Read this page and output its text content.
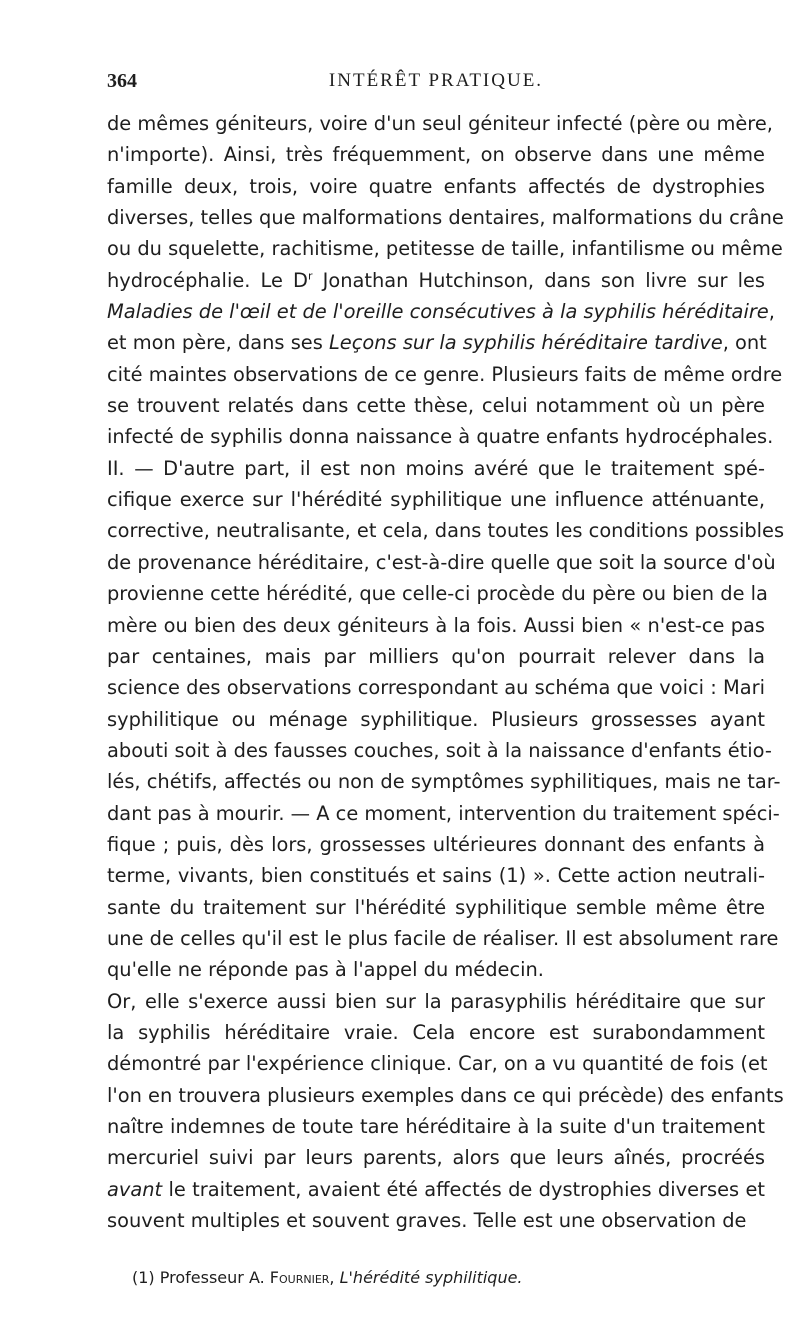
364	INTÉRÊT PRATIQUE.
de mêmes géniteurs, voire d'un seul géniteur infecté (père ou mère,
n'importe). Ainsi, très fréquemment, on observe dans une même
famille deux, trois, voire quatre enfants affectés de dystrophies
diverses, telles que malformations dentaires, malformations du crâne
ou du squelette, rachitisme, petitesse de taille, infantilisme ou même
hydrocéphalie. Le $D^r$ Jonathan Hutchinson, dans son livre sur les
Maladies de l'œil et de l'oreille consécutives à la syphilis héréditaire,
et mon père, dans ses Leçons sur la syphilis héréditaire tardive, ont
cité maintes observations de ce genre. Plusieurs faits de même ordre
se trouvent relatés dans cette thèse, celui notamment où un père
infecté de syphilis donna naissance à quatre enfants hydrocéphales.
II. — D'autre part, il est non moins avéré que le traitement spé-
cifique exerce sur l'hérédité syphilitique une influence atténuante,
corrective, neutralisante, et cela, dans toutes les conditions possibles
de provenance héréditaire, c'est-à-dire quelle que soit la source d'où
provienne cette hérédité, que celle-ci procède du père ou bien de la
mère ou bien des deux géniteurs à la fois. Aussi bien « n'est-ce pas
par centaines, mais par milliers qu'on pourrait relever dans la
science des observations correspondant au schéma que voici : Mari
syphilitique ou ménage syphilitique. Plusieurs grossesses ayant
abouti soit à des fausses couches, soit à la naissance d'enfants étio-
lés, chétifs, affectés ou non de symptômes syphilitiques, mais ne tar-
dant pas à mourir. — A ce moment, intervention du traitement spéci-
fique ; puis, dès lors, grossesses ultérieures donnant des enfants à
terme, vivants, bien constitués et sains (1) ». Cette action neutrali-
sante du traitement sur l'hérédité syphilitique semble même être
une de celles qu'il est le plus facile de réaliser. Il est absolument rare
qu'elle ne réponde pas à l'appel du médecin.
Or, elle s'exerce aussi bien sur la parasyphilis héréditaire que sur
la syphilis héréditaire vraie. Cela encore est surabondamment
démontré par l'expérience clinique. Car, on a vu quantité de fois (et
l'on en trouvera plusieurs exemples dans ce qui précède) des enfants
naître indemnes de toute tare héréditaire à la suite d'un traitement
mercuriel suivi par leurs parents, alors que leurs aînés, procréés
avant le traitement, avaient été affectés de dystrophies diverses et
souvent multiples et souvent graves. Telle est une observation de
(1) Professeur A. Fournier, L'hérédité syphilitique.
